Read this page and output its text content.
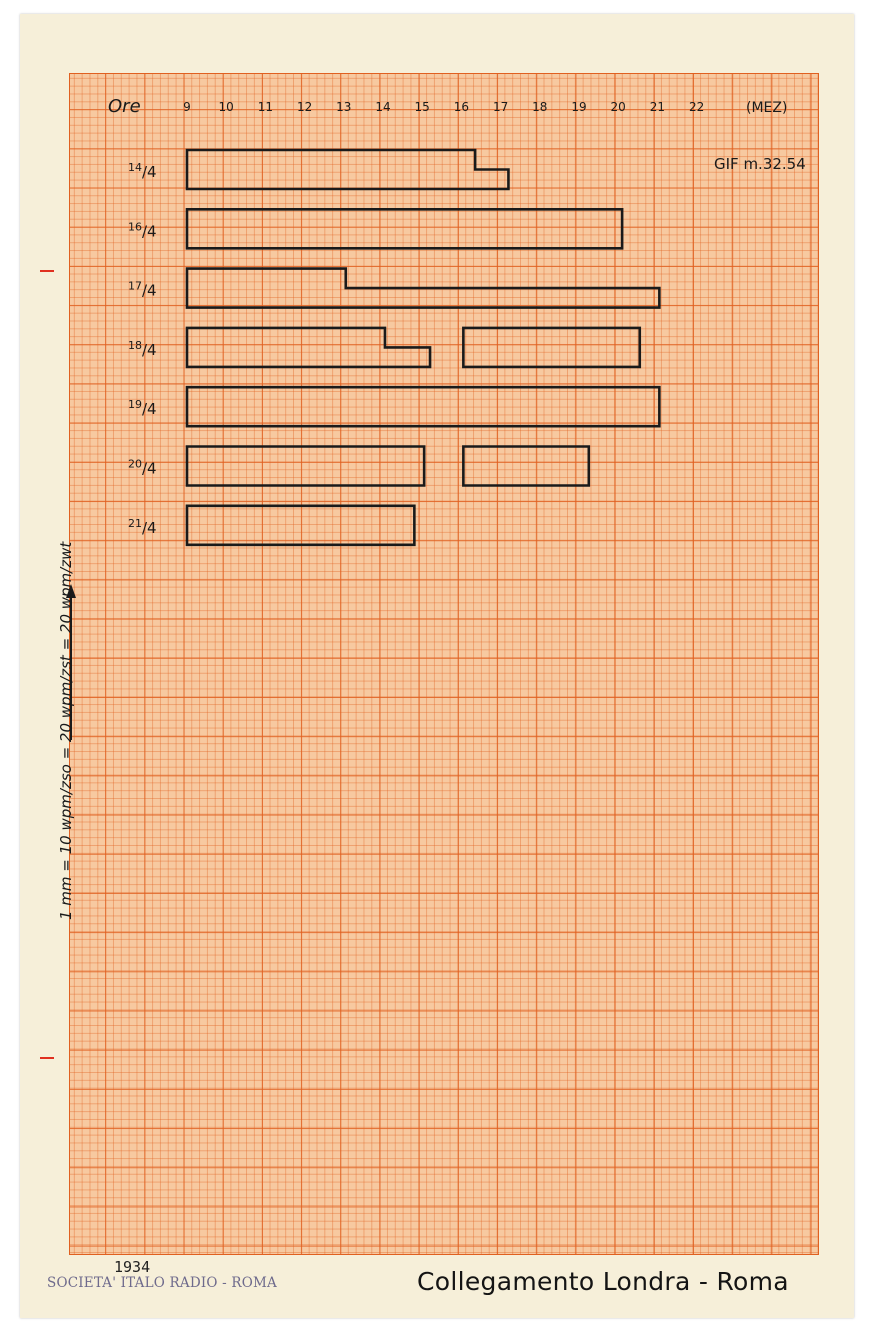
Ore	(MEZ)
9 10 11 12 13 14 15 16 17 18 19 20 21 22
14/4
16/4
17/4
18/4
19/4
20/4
21/4
GIF m.32.54
1 mm = 10 wpm/zso = 20 wpm/zst = 20 wpm/zwt
1934
SOCIETA' ITALO RADIO - ROMA	Collegamento Londra - Roma
